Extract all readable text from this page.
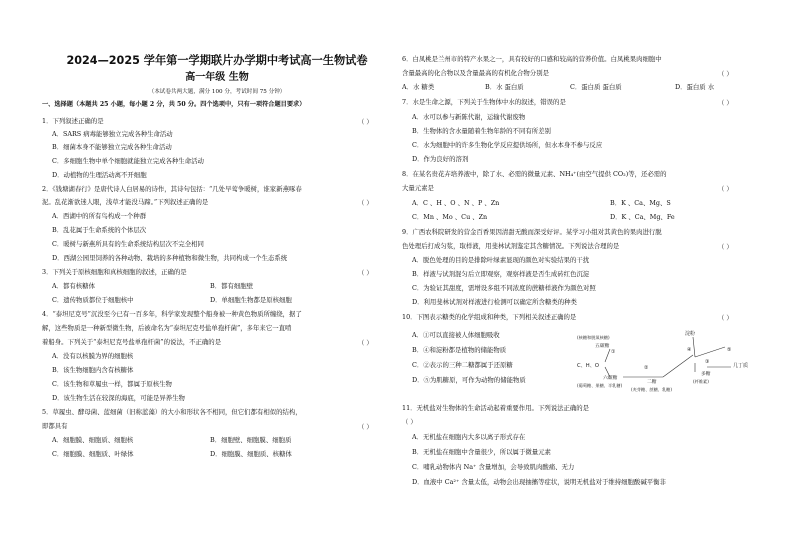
2024—2025 学年第一学期联片办学期中考试高一生物试卷
高一年级 生物
（本试卷共两大题，满分 100 分，考试时间 75 分钟）
一、选择题（本题共 25 小题，每小题 2 分，共 50 分。四个选项中，只有一项符合题目要求）
1．下列叙述正确的是	（ ）
A．SARS 病毒能够独立完成各种生命活动
B．细菌本身不能够独立完成各种生命活动
C．多细胞生物中单个细胞就能独立完成各种生命活动
D．动植物的生理活动离不开细胞
2．《钱塘湖春行》是唐代诗人白居易的诗作，其诗句包括：“几处早莺争暖树，谁家新燕啄春
泥。乱花渐欲迷人眼，浅草才能没马蹄。”下列叙述正确的是	（ ）
A．西湖中的所有鸟构成一个种群
B．乱花属于生命系统的个体层次
C．暖树与新燕所具有的生命系统结构层次不完全相同
D．西湖公园里饲养的各种动物、栽培的多种植物和微生物，共同构成一个生态系统
3．下列关于原核细胞和真核细胞的叙述，正确的是	（ ）
A．都有核糖体	B．都有细胞壁
C．遗传物质都位于细胞核中	D．单细胞生物都是原核细胞
4．“泰坦尼克号”沉没至今已有一百多年，科学家发现整个船身被一种黄色物质所缠绕，据了
解，这些物质是一种新型微生物，后被命名为“泰坦尼克号盐单孢杆菌”，多年来它一直啃
着船身。下列关于“泰坦尼克号盐单孢杆菌”的说法，不正确的是	（ ）
A．没有以核膜为界的细胞核
B．该生物细胞内含有核糖体
C．该生物和草履虫一样，都属于原核生物
D．该生物生活在较深的海底，可能是异养生物
5．草履虫、酵母菌、蓝细菌（旧称蓝藻）的大小和形状各不相同，但它们都有相似的结构，
即都具有	（ ）
A．细胞膜、细胞质、细胞核	B．细胞壁、细胞膜、细胞质
C．细胞膜、细胞质、叶绿体	D．细胞膜、细胞质、核糖体
6．白凤桃是兰州市的特产水果之一，具有较好的口感和较高的营养价值。白凤桃果肉细胞中
含量最高的化合物以及含量最高的有机化合物分别是	（ ）
A．水 糖类	B．水 蛋白质	C．蛋白质 蛋白质	D．蛋白质 水
7．水是生命之源，下列关于生物体中水的叙述，错误的是	（ ）
A．水可以参与新陈代谢，运输代谢废物
B．生物体的含水量随着生物年龄的不同有所差别
C．水为细胞中的许多生物化学反应提供场所，但水本身不参与反应
D．作为良好的溶剂
8．在某名贵花卉培养液中，除了水、必需的微量元素、NH₄⁺(由空气提供 CO₂)等，还必需的
大量元素是	（ ）
A．C 、H 、O 、N 、P 、Zn	B．K 、Ca、Mg、S
C．Mn 、Mo 、Cu 、Zn	D．K 、Ca、Mg、Fe
9．广西农科院研发的营金百香果因清甜无酸而深受好评。某学习小组对其黄色的果肉进行脱
色处理后打成匀浆，取样液，用斐林试剂鉴定其含糖情况。下列说法合理的是	（ ）
A．脱色处理的目的是排除叶绿素显现的颜色对实验结果的干扰
B．样液与试剂混匀后立即观察，观察样液是否生成砖红色沉淀
C．为验证其甜度，需增设多组不同浓度的蔗糖样液作为颜色对照
D．利用斐林试剂对样液进行检测可以确定所含糖类的种类
10．下图表示糖类的化学组成和种类，下列相关叙述正确的是	（ ）
A．①可以直接被人体细胞吸收
B．④和淀粉都是植物的储能物质
C．②表示的三种二糖都属于还原糖
D．⑤为肌糖原，可作为动物的储能物质
11．无机盐对生物体的生命活动起着重要作用。下列说法正确的是
（ ）
A．无机盐在细胞内大多以离子形式存在
B．无机盐在细胞中含量很少，所以属于微量元素
C．哺乳动物体内 Na⁺ 含量增加，会导致肌肉酸痛、无力
D．血液中 Ca²⁺ 含量太低，动物会出现抽搐等症状，说明无机盐对于维持细胞酸碱平衡非
淀粉
(核糖和脱氧核糖)
五碳糖
C、H、O
①
②
③
④	⑤
六碳糖
(葡萄糖、果糖、半乳糖)
二糖
(麦芽糖、蔗糖、乳糖)
多糖
(纤维素)
几丁质
